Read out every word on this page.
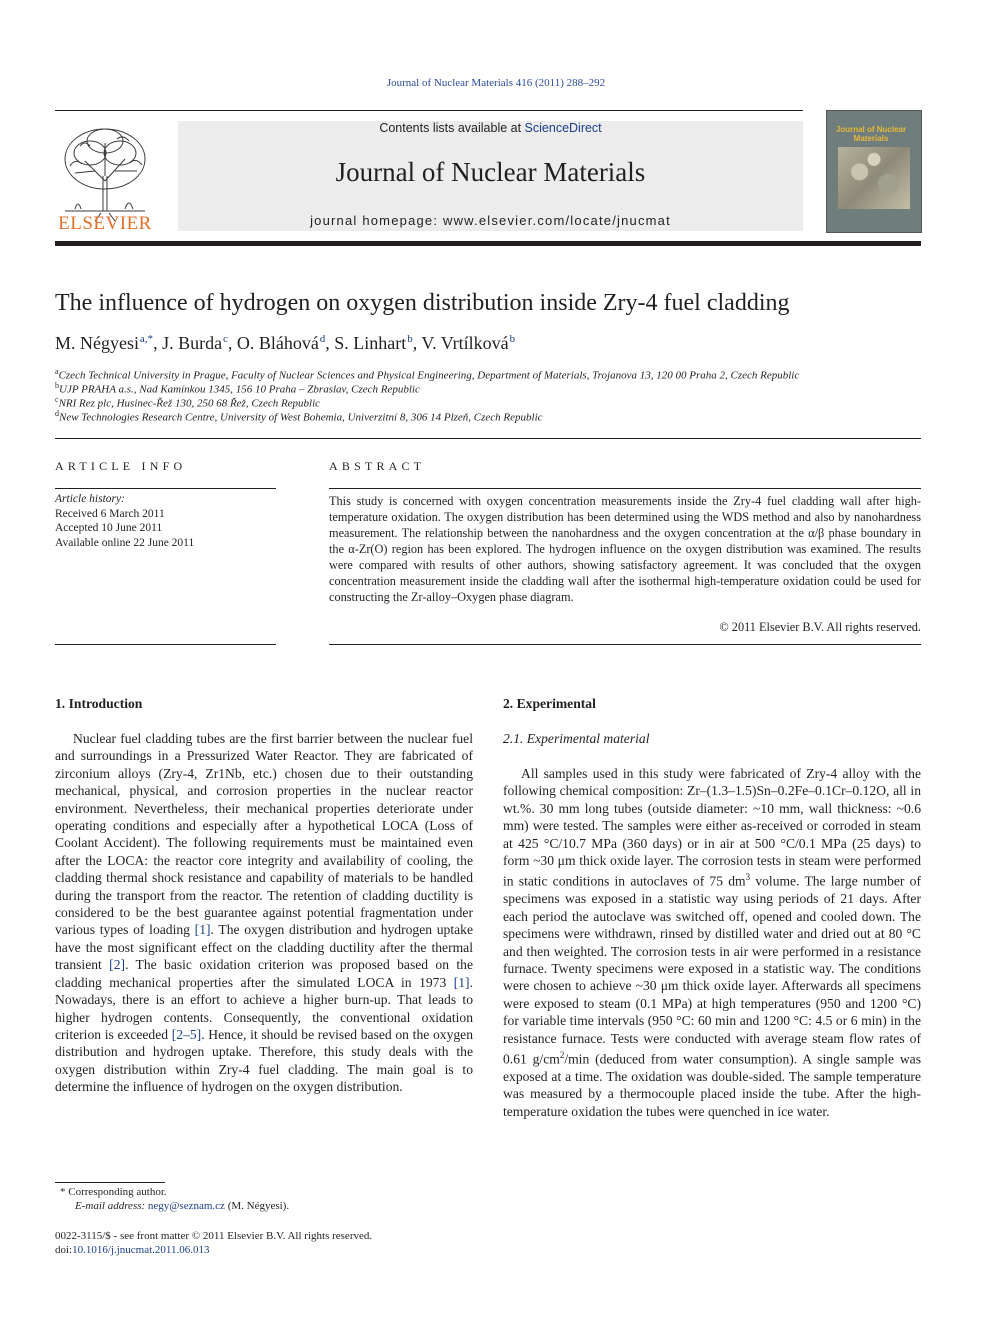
Journal of Nuclear Materials 416 (2011) 288–292
ELSEVIER
Contents lists available at ScienceDirect
Journal of Nuclear Materials
journal homepage: www.elsevier.com/locate/jnucmat
Journal of Nuclear Materials
The influence of hydrogen on oxygen distribution inside Zry-4 fuel cladding
M. Négyesi $^{a,*}$, J. Burda $^c$, O. Bláhová $^d$, S. Linhart $^b$, V. Vrtílková $^b$
$^a$Czech Technical University in Prague, Faculty of Nuclear Sciences and Physical Engineering, Department of Materials, Trojanova 13, 120 00 Praha 2, Czech Republic
$^b$UJP PRAHA a.s., Nad Kamínkou 1345, 156 10 Praha – Zbraslav, Czech Republic
$^c$NRI Rez plc, Husinec-Řež 130, 250 68 Řež, Czech Republic
$^d$New Technologies Research Centre, University of West Bohemia, Univerzitní 8, 306 14 Plzeň, Czech Republic
ARTICLE INFO
Article history:
Received 6 March 2011
Accepted 10 June 2011
Available online 22 June 2011
ABSTRACT
This study is concerned with oxygen concentration measurements inside the Zry-4 fuel cladding wall after high-temperature oxidation. The oxygen distribution has been determined using the WDS method and also by nanohardness measurement. The relationship between the nanohardness and the oxygen concentration at the α/β phase boundary in the α-Zr(O) region has been explored. The hydrogen influence on the oxygen distribution was examined. The results were compared with results of other authors, showing satisfactory agreement. It was concluded that the oxygen concentration measurement inside the cladding wall after the isothermal high-temperature oxidation could be used for constructing the Zr-alloy–Oxygen phase diagram.
© 2011 Elsevier B.V. All rights reserved.
1. Introduction

Nuclear fuel cladding tubes are the first barrier between the nuclear fuel and surroundings in a Pressurized Water Reactor. They are fabricated of zirconium alloys (Zry-4, Zr1Nb, etc.) chosen due to their outstanding mechanical, physical, and corrosion properties in the nuclear reactor environment. Nevertheless, their mechanical properties deteriorate under operating conditions and especially after a hypothetical LOCA (Loss of Coolant Accident). The following requirements must be maintained even after the LOCA: the reactor core integrity and availability of cooling, the cladding thermal shock resistance and capability of materials to be handled during the transport from the reactor. The retention of cladding ductility is considered to be the best guarantee against potential fragmentation under various types of loading [1]. The oxygen distribution and hydrogen uptake have the most significant effect on the cladding ductility after the thermal transient [2]. The basic oxidation criterion was proposed based on the cladding mechanical properties after the simulated LOCA in 1973 [1]. Nowadays, there is an effort to achieve a higher burn-up. That leads to higher hydrogen contents. Consequently, the conventional oxidation criterion is exceeded [2–5]. Hence, it should be revised based on the oxygen distribution and hydrogen uptake. Therefore, this study deals with the oxygen distribution within Zry-4 fuel cladding. The main goal is to determine the influence of hydrogen on the oxygen distribution.

2. Experimental
2.1. Experimental material

All samples used in this study were fabricated of Zry-4 alloy with the following chemical composition: Zr–(1.3–1.5)Sn–0.2Fe–0.1Cr–0.12O, all in wt.%. 30 mm long tubes (outside diameter: ~10 mm, wall thickness: ~0.6 mm) were tested. The samples were either as-received or corroded in steam at 425 °C/10.7 MPa (360 days) or in air at 500 °C/0.1 MPa (25 days) to form ~30 μm thick oxide layer. The corrosion tests in steam were performed in static conditions in autoclaves of 75 $dm^3$ volume. The large number of specimens was exposed in a statistic way using periods of 21 days. After each period the autoclave was switched off, opened and cooled down. The specimens were withdrawn, rinsed by distilled water and dried out at 80 °C and then weighted. The corrosion tests in air were performed in a resistance furnace. Twenty specimens were exposed in a statistic way. The conditions were chosen to achieve ~30 μm thick oxide layer. Afterwards all specimens were exposed to steam (0.1 MPa) at high temperatures (950 and 1200 °C) for variable time intervals (950 °C: 60 min and 1200 °C: 4.5 or 6 min) in the resistance furnace. Tests were conducted with average steam flow rates of 0.61 $g/cm^2/\min$ (deduced from water consumption). A single sample was exposed at a time. The oxidation was double-sided. The sample temperature was measured by a thermocouple placed inside the tube. After the high-temperature oxidation the tubes were quenched in ice water.

* Corresponding author.
E-mail address: negy@seznam.cz (M. Négyesi).
0022-3115/$ - see front matter © 2011 Elsevier B.V. All rights reserved.
doi:10.1016/j.jnucmat.2011.06.013
